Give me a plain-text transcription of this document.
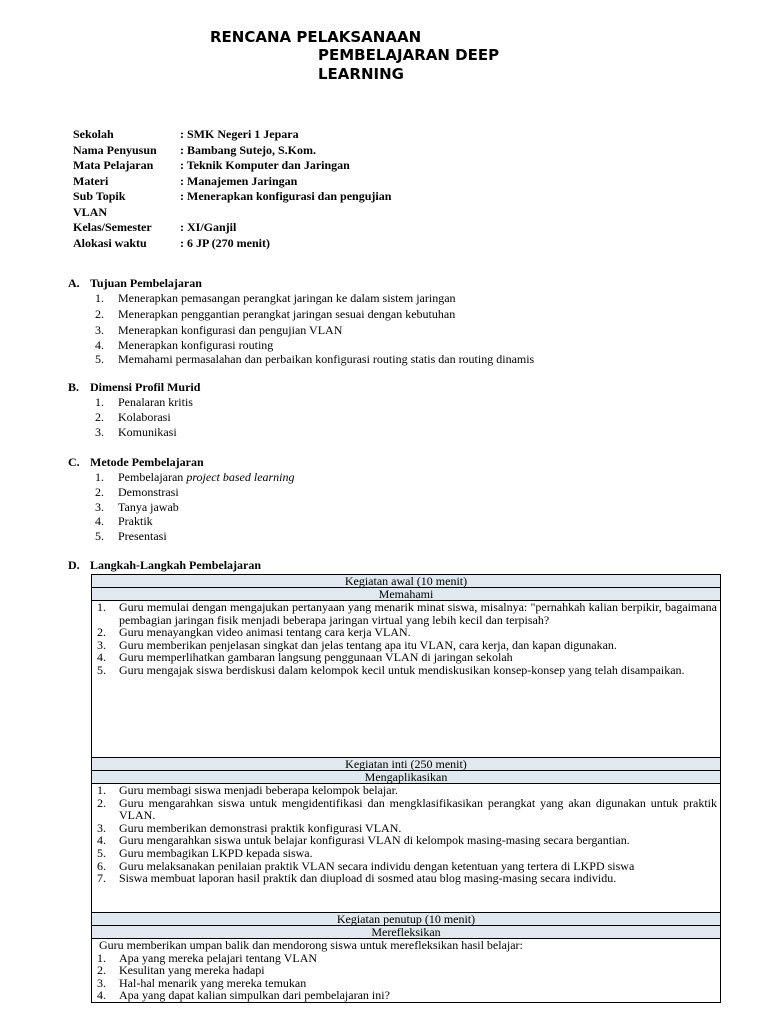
RENCANA PELAKSANAAN
PEMBELAJARAN DEEP
LEARNING
Sekolah	: SMK Negeri 1 Jepara
Nama Penyusun : Bambang Sutejo, S.Kom.
Mata Pelajaran : Teknik Komputer dan Jaringan
Materi	: Manajemen Jaringan
Sub Topik	: Menerapkan konfigurasi dan pengujian
VLAN
Kelas/Semester : XI/Ganjil
Alokasi waktu	: 6 JP (270 menit)
A. Tujuan Pembelajaran
1. Menerapkan pemasangan perangkat jaringan ke dalam sistem jaringan
2. Menerapkan penggantian perangkat jaringan sesuai dengan kebutuhan
3. Menerapkan konfigurasi dan pengujian VLAN
4. Menerapkan konfigurasi routing
5. Memahami permasalahan dan perbaikan konfigurasi routing statis dan routing dinamis
B. Dimensi Profil Murid
1. Penalaran kritis
2. Kolaborasi
3. Komunikasi
C. Metode Pembelajaran
1. Pembelajaran project based learning
2. Demonstrasi
3. Tanya jawab
4. Praktik
5. Presentasi
D. Langkah-Langkah Pembelajaran
Kegiatan awal (10 menit)
Memahami

1. Guru memulai dengan mengajukan pertanyaan yang menarik minat siswa, misalnya: "pernahkah kalian berpikir, bagaimana pembagian jaringan fisik menjadi beberapa jaringan virtual yang lebih kecil dan terpisah?
2. Guru menayangkan video animasi tentang cara kerja VLAN.
3. Guru memberikan penjelasan singkat dan jelas tentang apa itu VLAN, cara kerja, dan kapan digunakan.
4. Guru memperlihatkan gambaran langsung penggunaan VLAN di jaringan sekolah
5. Guru mengajak siswa berdiskusi dalam kelompok kecil untuk mendiskusikan konsep-konsep yang telah disampaikan.

Kegiatan inti (250 menit)
Mengaplikasikan

1. Guru membagi siswa menjadi beberapa kelompok belajar.
2. Guru mengarahkan siswa untuk mengidentifikasi dan mengklasifikasikan perangkat yang akan digunakan untuk praktik VLAN.
3. Guru memberikan demonstrasi praktik konfigurasi VLAN.
4. Guru mengarahkan siswa untuk belajar konfigurasi VLAN di kelompok masing-masing secara bergantian.
5. Guru membagikan LKPD kepada siswa.
6. Guru melaksanakan penilaian praktik VLAN secara individu dengan ketentuan yang tertera di LKPD siswa
7. Siswa membuat laporan hasil praktik dan diupload di sosmed atau blog masing-masing secara individu.

Kegiatan penutup (10 menit)
Merefleksikan

Guru memberikan umpan balik dan mendorong siswa untuk merefleksikan hasil belajar:
1. Apa yang mereka pelajari tentang VLAN
2. Kesulitan yang mereka hadapi
3. Hal-hal menarik yang mereka temukan
4. Apa yang dapat kalian simpulkan dari pembelajaran ini?
